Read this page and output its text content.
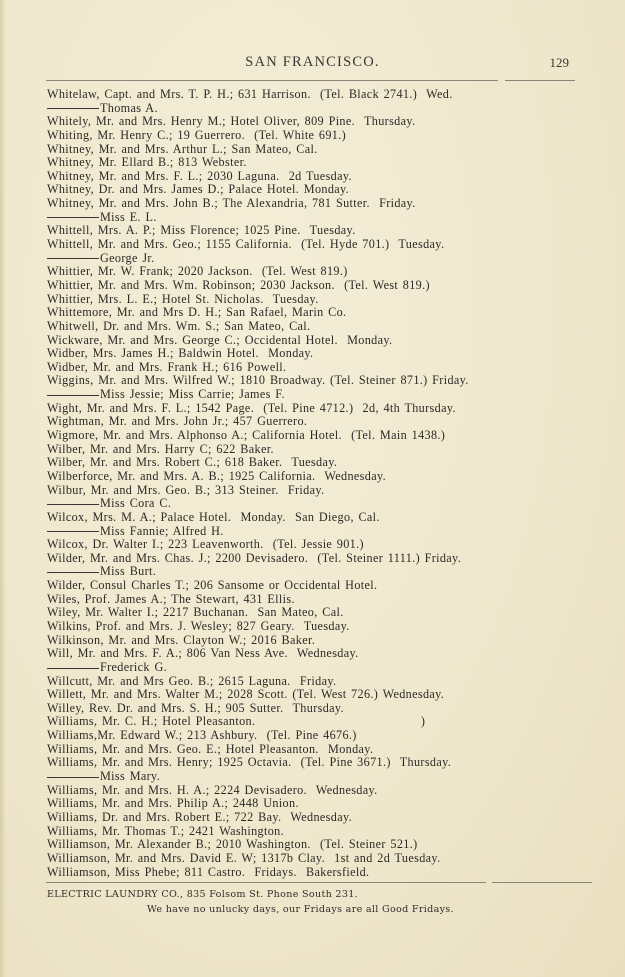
SAN FRANCISCO.	129
Whitelaw, Capt. and Mrs. T. P. H.; 631 Harrison.  (Tel. Black 2741.)  Wed.
Thomas A.
Whitely, Mr. and Mrs. Henry M.; Hotel Oliver, 809 Pine.  Thursday.
Whiting, Mr. Henry C.; 19 Guerrero.  (Tel. White 691.)
Whitney, Mr. and Mrs. Arthur L.; San Mateo, Cal.
Whitney, Mr. Ellard B.; 813 Webster.
Whitney, Mr. and Mrs. F. L.; 2030 Laguna.  2d Tuesday.
Whitney, Dr. and Mrs. James D.; Palace Hotel. Monday.
Whitney, Mr. and Mrs. John B.; The Alexandria, 781 Sutter.  Friday.
Miss E. L.
Whittell, Mrs. A. P.; Miss Florence; 1025 Pine.  Tuesday.
Whittell, Mr. and Mrs. Geo.; 1155 California.  (Tel. Hyde 701.)  Tuesday.
George Jr.
Whittier, Mr. W. Frank; 2020 Jackson.  (Tel. West 819.)
Whittier, Mr. and Mrs. Wm. Robinson; 2030 Jackson.  (Tel. West 819.)
Whittier, Mrs. L. E.; Hotel St. Nicholas.  Tuesday.
Whittemore, Mr. and Mrs D. H.; San Rafael, Marin Co.
Whitwell, Dr. and Mrs. Wm. S.; San Mateo, Cal.
Wickware, Mr. and Mrs. George C.; Occidental Hotel.  Monday.
Widber, Mrs. James H.; Baldwin Hotel.  Monday.
Widber, Mr. and Mrs. Frank H.; 616 Powell.
Wiggins, Mr. and Mrs. Wilfred W.; 1810 Broadway. (Tel. Steiner 871.) Friday.
Miss Jessie; Miss Carrie; James F.
Wight, Mr. and Mrs. F. L.; 1542 Page.  (Tel. Pine 4712.)  2d, 4th Thursday.
Wightman, Mr. and Mrs. John Jr.; 457 Guerrero.
Wigmore, Mr. and Mrs. Alphonso A.; California Hotel.  (Tel. Main 1438.)
Wilber, Mr. and Mrs. Harry C; 622 Baker.
Wilber, Mr. and Mrs. Robert C.; 618 Baker.  Tuesday.
Wilberforce, Mr. and Mrs. A. B.; 1925 California.  Wednesday.
Wilbur, Mr. and Mrs. Geo. B.; 313 Steiner.  Friday.
Miss Cora C.
Wilcox, Mrs. M. A.; Palace Hotel.  Monday.  San Diego, Cal.
Miss Fannie; Alfred H.
Wilcox, Dr. Walter I.; 223 Leavenworth.  (Tel. Jessie 901.)
Wilder, Mr. and Mrs. Chas. J.; 2200 Devisadero.  (Tel. Steiner 1111.) Friday.
Miss Burt.
Wilder, Consul Charles T.; 206 Sansome or Occidental Hotel.
Wiles, Prof. James A.; The Stewart, 431 Ellis.
Wiley, Mr. Walter I.; 2217 Buchanan.  San Mateo, Cal.
Wilkins, Prof. and Mrs. J. Wesley; 827 Geary.  Tuesday.
Wilkinson, Mr. and Mrs. Clayton W.; 2016 Baker.
Will, Mr. and Mrs. F. A.; 806 Van Ness Ave.  Wednesday.
Frederick G.
Willcutt, Mr. and Mrs Geo. B.; 2615 Laguna.  Friday.
Willett, Mr. and Mrs. Walter M.; 2028 Scott. (Tel. West 726.) Wednesday.
Willey, Rev. Dr. and Mrs. S. H.; 905 Sutter.  Thursday.
Williams, Mr. C. H.; Hotel Pleasanton.                                    )
Williams,Mr. Edward W.; 213 Ashbury.  (Tel. Pine 4676.)
Williams, Mr. and Mrs. Geo. E.; Hotel Pleasanton.  Monday.
Williams, Mr. and Mrs. Henry; 1925 Octavia.  (Tel. Pine 3671.)  Thursday.
Miss Mary.
Williams, Mr. and Mrs. H. A.; 2224 Devisadero.  Wednesday.
Williams, Mr. and Mrs. Philip A.; 2448 Union.
Williams, Dr. and Mrs. Robert E.; 722 Bay.  Wednesday.
Williams, Mr. Thomas T.; 2421 Washington.
Williamson, Mr. Alexander B.; 2010 Washington.  (Tel. Steiner 521.)
Williamson, Mr. and Mrs. David E. W; 1317b Clay.  1st and 2d Tuesday.
Williamson, Miss Phebe; 811 Castro.  Fridays.  Bakersfield.
ELECTRIC LAUNDRY CO., 835 Folsom St. Phone South 231.
We have no unlucky days, our Fridays are all Good Fridays.
